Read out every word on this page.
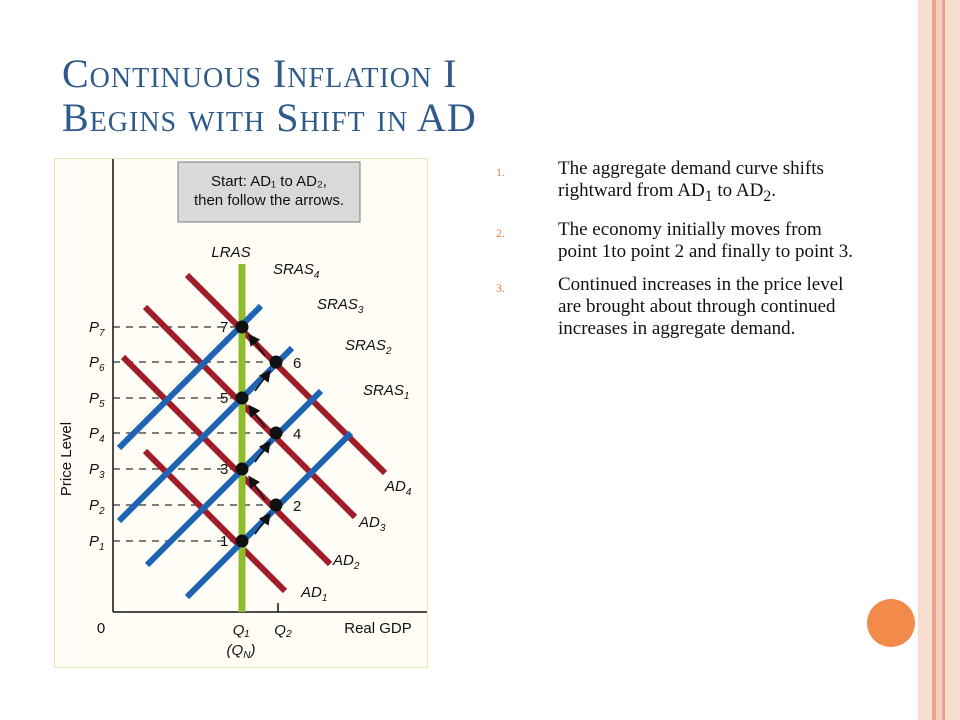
Continuous Inflation I
Begins with Shift in AD
Start: AD₁ to AD₂,
then follow the arrows.
Price Level
0	Real GDP
Q₁
$(Q_N)$
Q₂
$P_1$
$P_2$
$P_3$
$P_4$
$P_5$
$P_6$
$P_7$
LRAS
$SRAS_1$
$SRAS_2$
$SRAS_3$
$SRAS_4$
$AD_1$
$AD_2$
$AD_3$
$AD_4$
1
2
3
4
5
6
7
1.	The aggregate demand curve shifts rightward from $AD_1$ to $AD_2$.
2.	The economy initially moves from point 1to point 2 and finally to point 3.
3.	Continued increases in the price level are brought about through continued increases in aggregate demand.
